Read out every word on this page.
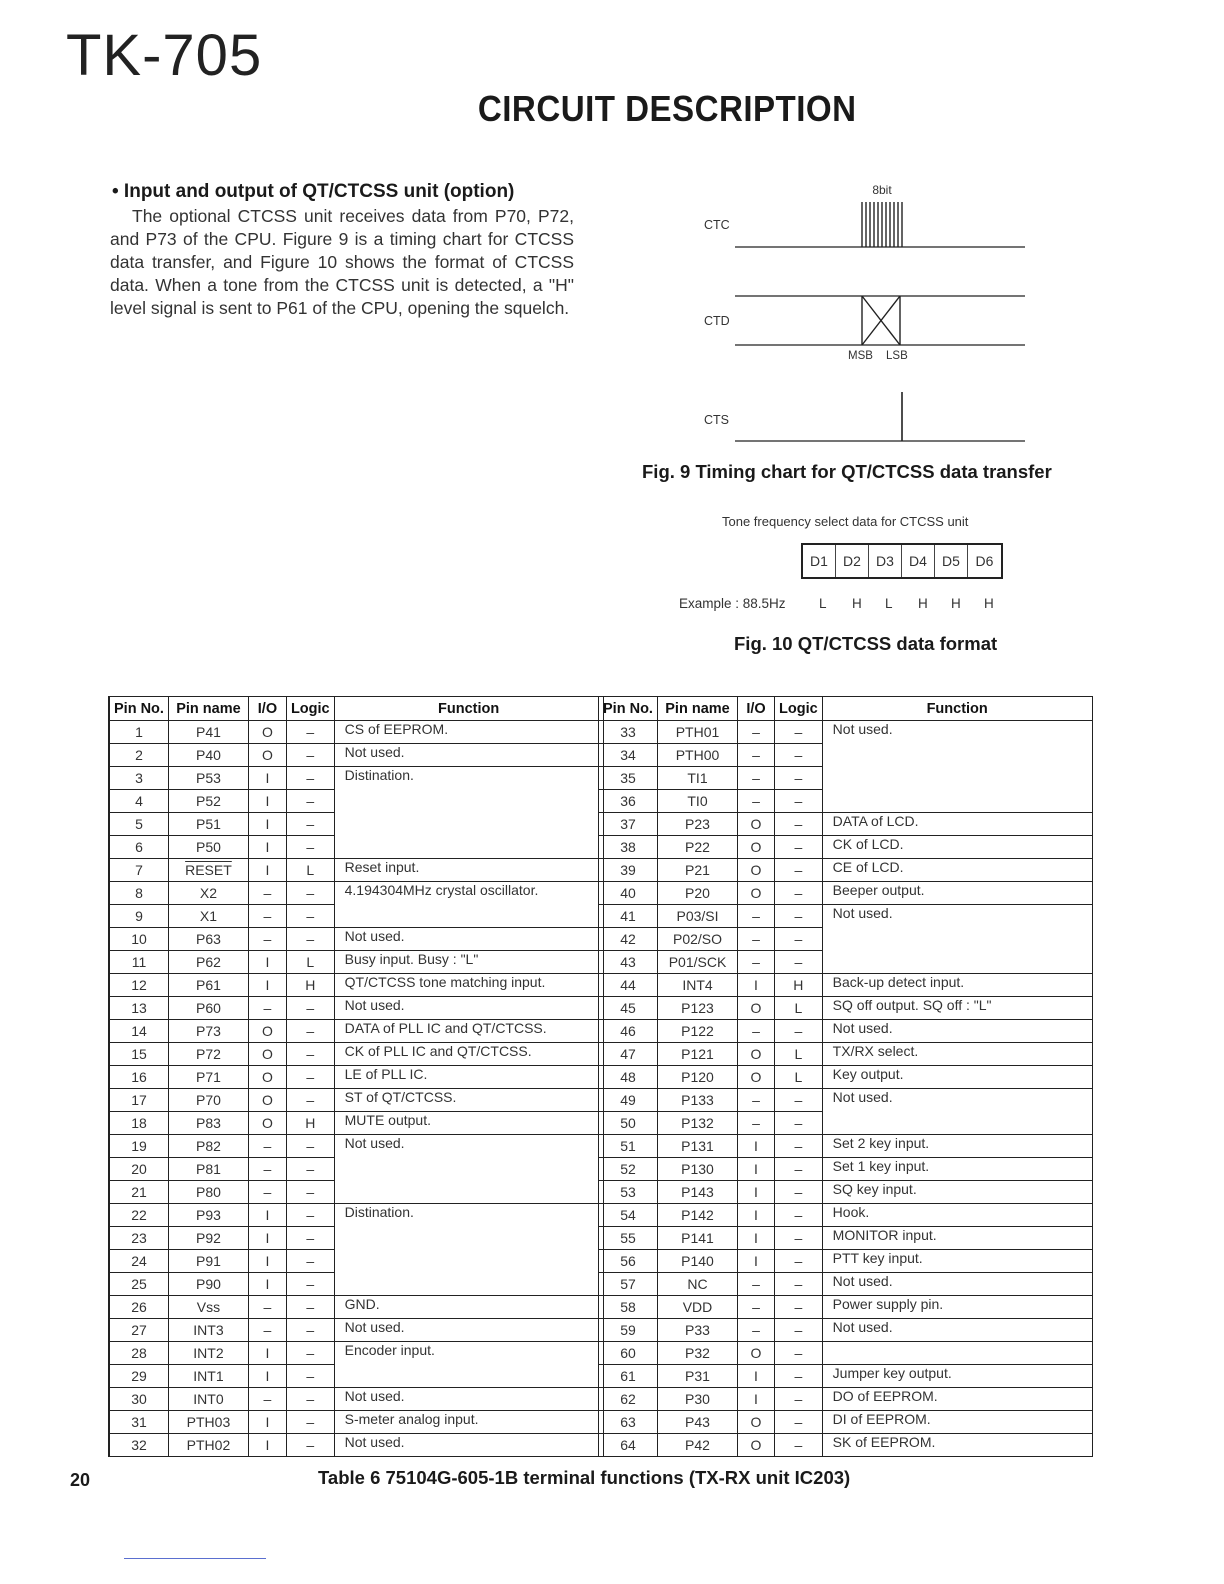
TK-705
CIRCUIT DESCRIPTION
• Input and output of QT/CTCSS unit (option)

The optional CTCSS unit receives data from P70, P72, and P73 of the CPU. Figure 9 is a timing chart for CTCSS data transfer, and Figure 10 shows the format of CTCSS data. When a tone from the CTCSS unit is detected, a "H" level signal is sent to P61 of the CPU, opening the squelch.

8bit
CTC
CTD
MSB LSB
CTS
Fig. 9 Timing chart for QT/CTCSS data transfer
Tone frequency select data for CTCSS unit
D1	D2	D3	D4	D5	D6
Example : 88.5Hz L H L H H H
Fig. 10 QT/CTCSS data format
Pin No.	Pin name	I/O	Logic	Function
1	P41	O	–	CS of EEPROM.
2	P40	O	–	Not used.
3	P53	I	–	Distination.
4	P52	I	–	
5	P51	I	–	
6	P50	I	–	
7	RESET	I	L	Reset input.
8	X2	–	–	4.194304MHz crystal oscillator.
9	X1	–	–	
10	P63	–	–	Not used.
11	P62	I	L	Busy input. Busy : "L"
12	P61	I	H	QT/CTCSS tone matching input.
13	P60	–	–	Not used.
14	P73	O	–	DATA of PLL IC and QT/CTCSS.
15	P72	O	–	CK of PLL IC and QT/CTCSS.
16	P71	O	–	LE of PLL IC.
17	P70	O	–	ST of QT/CTCSS.
18	P83	O	H	MUTE output.
19	P82	–	–	Not used.
20	P81	–	–	
21	P80	–	–	
22	P93	I	–	Distination.
23	P92	I	–	
24	P91	I	–	
25	P90	I	–	
26	Vss	–	–	GND.
27	INT3	–	–	Not used.
28	INT2	I	–	Encoder input.
29	INT1	I	–	
30	INT0	–	–	Not used.
31	PTH03	I	–	S-meter analog input.
32	PTH02	I	–	Not used.
Pin No.	Pin name	I/O	Logic	Function
33	PTH01	–	–	Not used.
34	PTH00	–	–	
35	TI1	–	–	
36	TI0	–	–	
37	P23	O	–	DATA of LCD.
38	P22	O	–	CK of LCD.
39	P21	O	–	CE of LCD.
40	P20	O	–	Beeper output.
41	P03/SI	–	–	Not used.
42	P02/SO	–	–	
43	P01/SCK	–	–	
44	INT4	I	H	Back-up detect input.
45	P123	O	L	SQ off output. SQ off : "L"
46	P122	–	–	Not used.
47	P121	O	L	TX/RX select.
48	P120	O	L	Key output.
49	P133	–	–	Not used.
50	P132	–	–	
51	P131	I	–	Set 2 key input.
52	P130	I	–	Set 1 key input.
53	P143	I	–	SQ key input.
54	P142	I	–	Hook.
55	P141	I	–	MONITOR input.
56	P140	I	–	PTT key input.
57	NC	–	–	Not used.
58	VDD	–	–	Power supply pin.
59	P33	–	–	Not used.
60	P32	O	–	
61	P31	I	–	Jumper key output.
62	P30	I	–	DO of EEPROM.
63	P43	O	–	DI of EEPROM.
64	P42	O	–	SK of EEPROM.
20	Table 6 75104G-605-1B terminal functions (TX-RX unit IC203)
